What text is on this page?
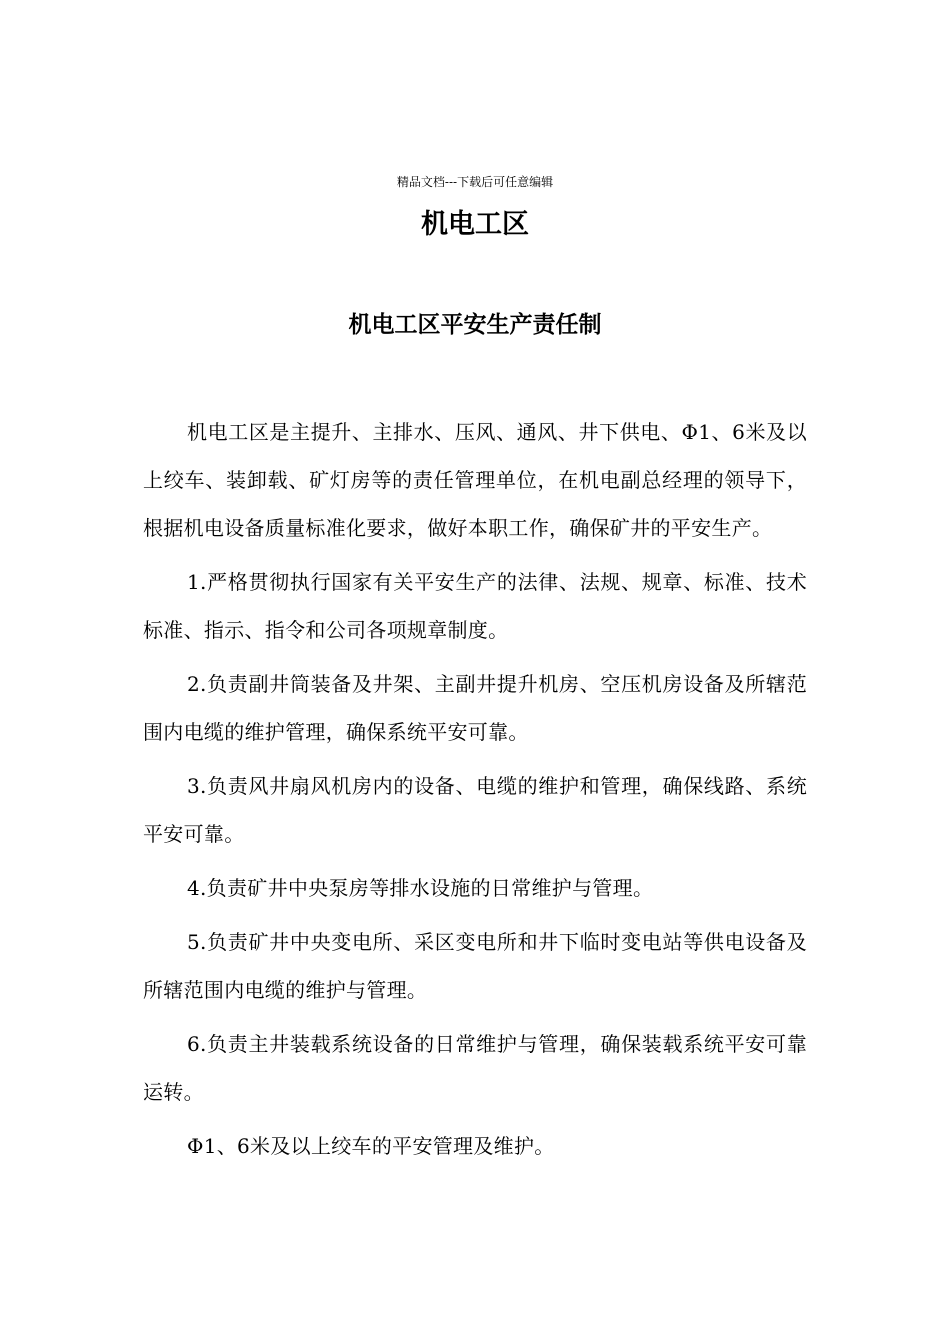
精品文档---下载后可任意编辑
机电工区
机电工区平安生产责任制

机电工区是主提升、主排水、压风、通风、井下供电、Φ1、6米及以上绞车、装卸载、矿灯房等的责任管理单位，在机电副总经理的领导下，根据机电设备质量标准化要求，做好本职工作，确保矿井的平安生产。

1.严格贯彻执行国家有关平安生产的法律、法规、规章、标准、技术标准、指示、指令和公司各项规章制度。

2.负责副井筒装备及井架、主副井提升机房、空压机房设备及所辖范围内电缆的维护管理，确保系统平安可靠。

3.负责风井扇风机房内的设备、电缆的维护和管理，确保线路、系统平安可靠。

4.负责矿井中央泵房等排水设施的日常维护与管理。

5.负责矿井中央变电所、采区变电所和井下临时变电站等供电设备及所辖范围内电缆的维护与管理。

6.负责主井装载系统设备的日常维护与管理，确保装载系统平安可靠运转。

Φ1、6米及以上绞车的平安管理及维护。
